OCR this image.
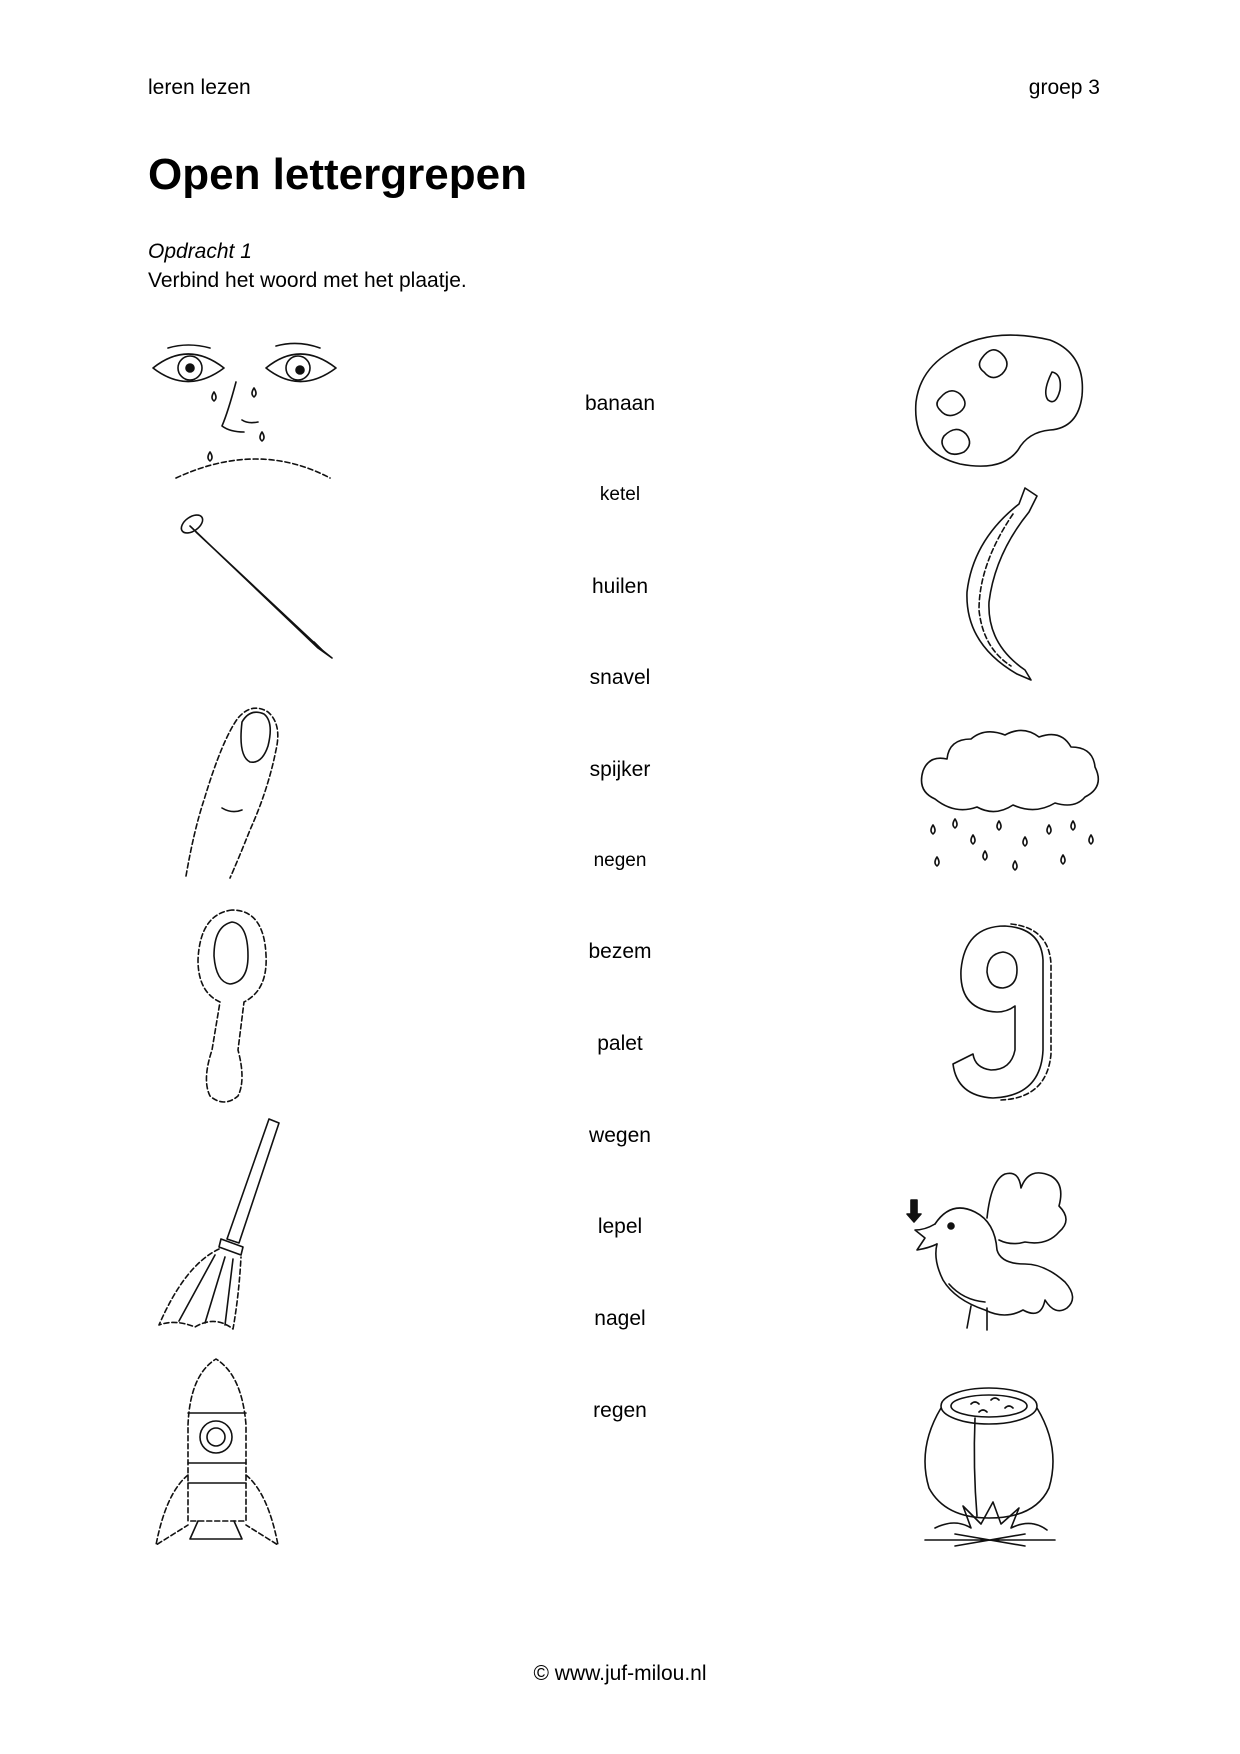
leren lezen	groep 3
Open lettergrepen
Opdracht 1
Verbind het woord met het plaatje.
banaan
ketel
huilen
snavel
spijker
negen
bezem
palet
wegen
lepel
nagel
regen
© www.juf-milou.nl
